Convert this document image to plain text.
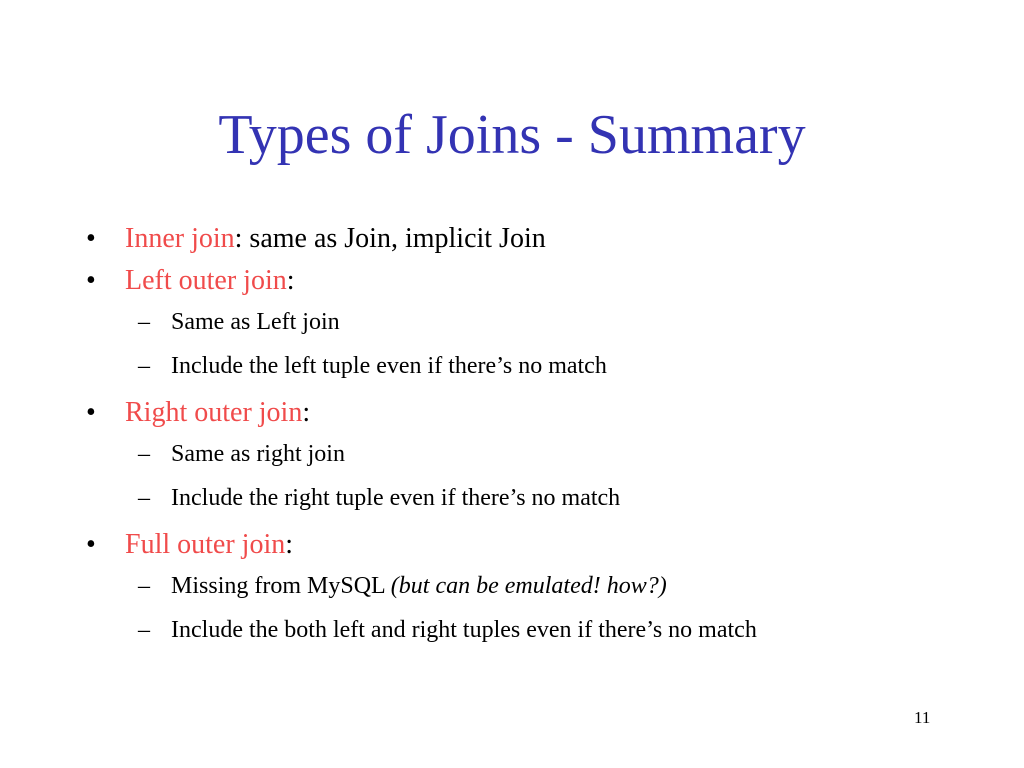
Types of Joins - Summary
• Inner join: same as Join, implicit Join
• Left outer join:
– Same as Left join
– Include the left tuple even if there’s no match
• Right outer join:
– Same as right join
– Include the right tuple even if there’s no match
• Full outer join:
– Missing from MySQL (but can be emulated! how?)
– Include the both left and right tuples even if there’s no match
11
